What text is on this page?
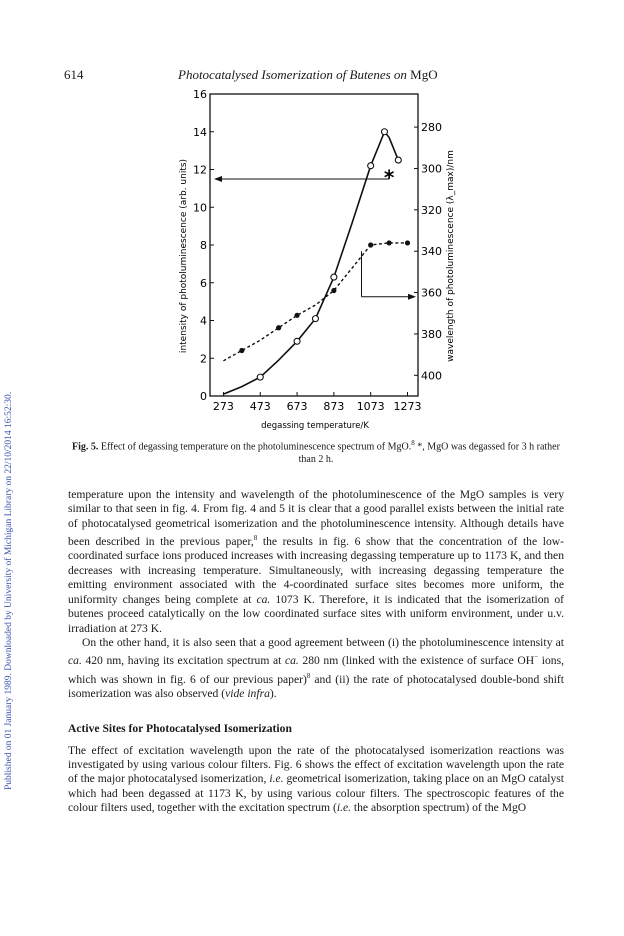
Published on 01 January 1989. Downloaded by University of Michigan Library on 22/10/2014 16:52:30.
614	Photocatalysed Isomerization of Butenes on MgO
*
273 473 673 873 1073 1273
0
2
4
6
8
10
12
14
16
280
300
320
340
360
380
400
intensity of photoluminescence (arb. units)	wavelength of photoluminescence (λ_max)/nm
degassing temperature/K
Fig. 5. Effect of degassing temperature on the photoluminescence spectrum of MgO.$^8$ *, MgO was degassed for 3 h rather than 2 h.

temperature upon the intensity and wavelength of the photoluminescence of the MgO samples is very similar to that seen in fig. 4. From fig. 4 and 5 it is clear that a good parallel exists between the initial rate of photocatalysed geometrical isomerization and the photoluminescence intensity. Although details have been described in the previous paper,$^8$ the results in fig. 6 show that the concentration of the low-coordinated surface ions produced increases with increasing degassing temperature up to 1173 K, and then decreases with increasing temperature. Simultaneously, with increasing degassing temperature the emitting environment associated with the 4-coordinated surface sites becomes more uniform, the uniformity changes being complete at ca. 1073 K. Therefore, it is indicated that the isomerization of butenes proceed catalytically on the low coordinated surface sites with uniform environment, under u.v. irradiation at 273 K.

On the other hand, it is also seen that a good agreement between (i) the photoluminescence intensity at ca. 420 nm, having its excitation spectrum at ca. 280 nm (linked with the existence of surface OH− ions, which was shown in fig. 6 of our previous paper)$^8$ and (ii) the rate of photocatalysed double-bond shift isomerization was also observed (vide infra).

Active Sites for Photocatalysed Isomerization

The effect of excitation wavelength upon the rate of the photocatalysed isomerization reactions was investigated by using various colour filters. Fig. 6 shows the effect of excitation wavelength upon the rate of the major photocatalysed isomerization, i.e. geometrical isomerization, taking place on an MgO catalyst which had been degassed at 1173 K, by using various colour filters. The spectroscopic features of the colour filters used, together with the excitation spectrum (i.e. the absorption spectrum) of the MgO
